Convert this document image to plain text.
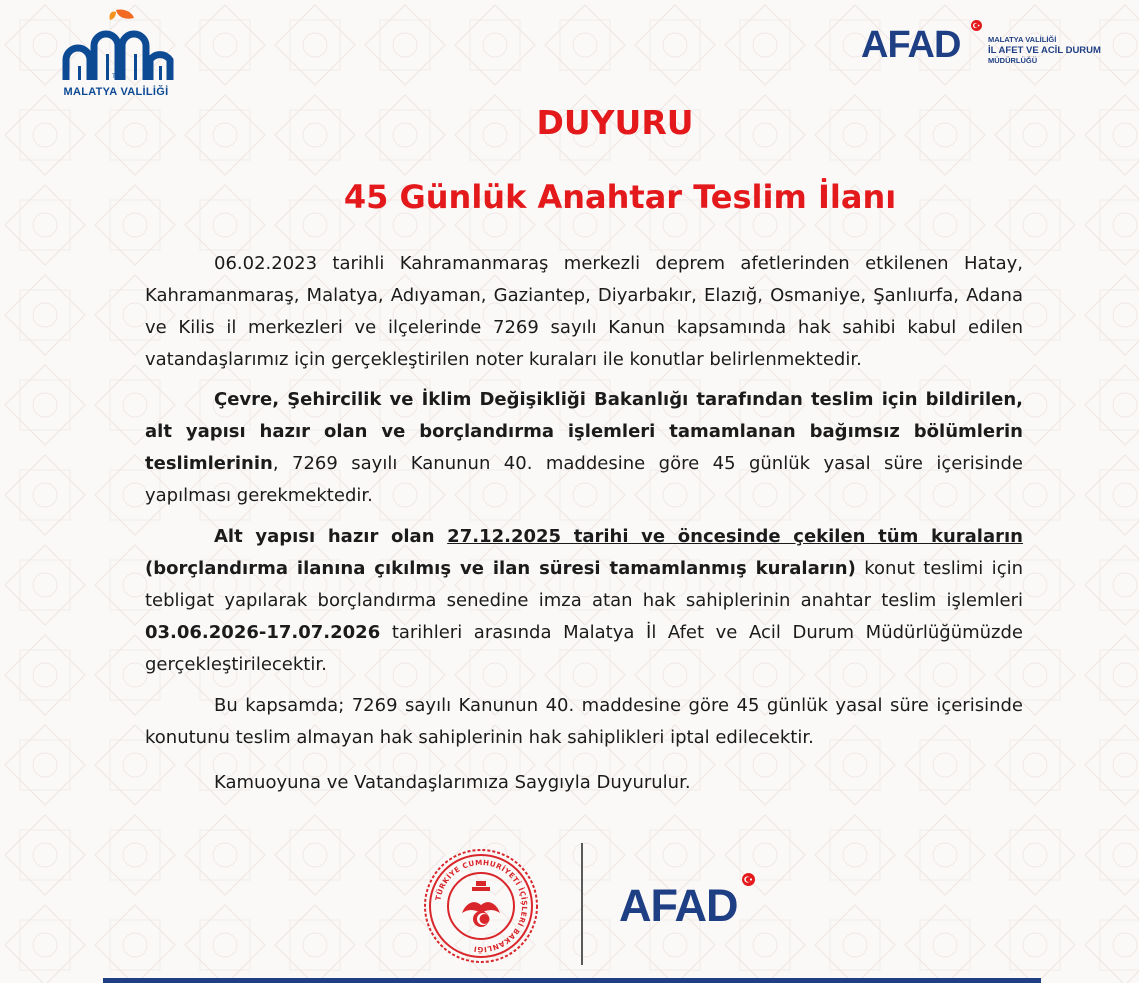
TC
MALATYA VALİLİĞİ
AFAD	MALATYA VALİLİĞİ
İL AFET VE ACİL DURUM
MÜDÜRLÜĞÜ
DUYURU
45 Günlük Anahtar Teslim İlanı

06.02.2023 tarihli Kahramanmaraş merkezli deprem afetlerinden etkilenen Hatay, Kahramanmaraş, Malatya, Adıyaman, Gaziantep, Diyarbakır, Elazığ, Osmaniye, Şanlıurfa, Adana ve Kilis il merkezleri ve ilçelerinde 7269 sayılı Kanun kapsamında hak sahibi kabul edilen vatandaşlarımız için gerçekleştirilen noter kuraları ile konutlar belirlenmektedir.

Çevre, Şehircilik ve İklim Değişikliği Bakanlığı tarafından teslim için bildirilen, alt yapısı hazır olan ve borçlandırma işlemleri tamamlanan bağımsız bölümlerin teslimlerinin, 7269 sayılı Kanunun 40. maddesine göre 45 günlük yasal süre içerisinde yapılması gerekmektedir.

Alt yapısı hazır olan 27.12.2025 tarihi ve öncesinde çekilen tüm kuraların (borçlandırma ilanına çıkılmış ve ilan süresi tamamlanmış kuraların) konut teslimi için tebligat yapılarak borçlandırma senedine imza atan hak sahiplerinin anahtar teslim işlemleri 03.06.2026-17.07.2026 tarihleri arasında Malatya İl Afet ve Acil Durum Müdürlüğümüzde gerçekleştirilecektir.

Bu kapsamda; 7269 sayılı Kanunun 40. maddesine göre 45 günlük yasal süre içerisinde konutunu teslim almayan hak sahiplerinin hak sahiplikleri iptal edilecektir.

Kamuoyuna ve Vatandaşlarımıza Saygıyla Duyurulur.

TÜRKİYE CUMHURİYETİ İÇİŞLERİ BAKANLIĞI
AFAD
